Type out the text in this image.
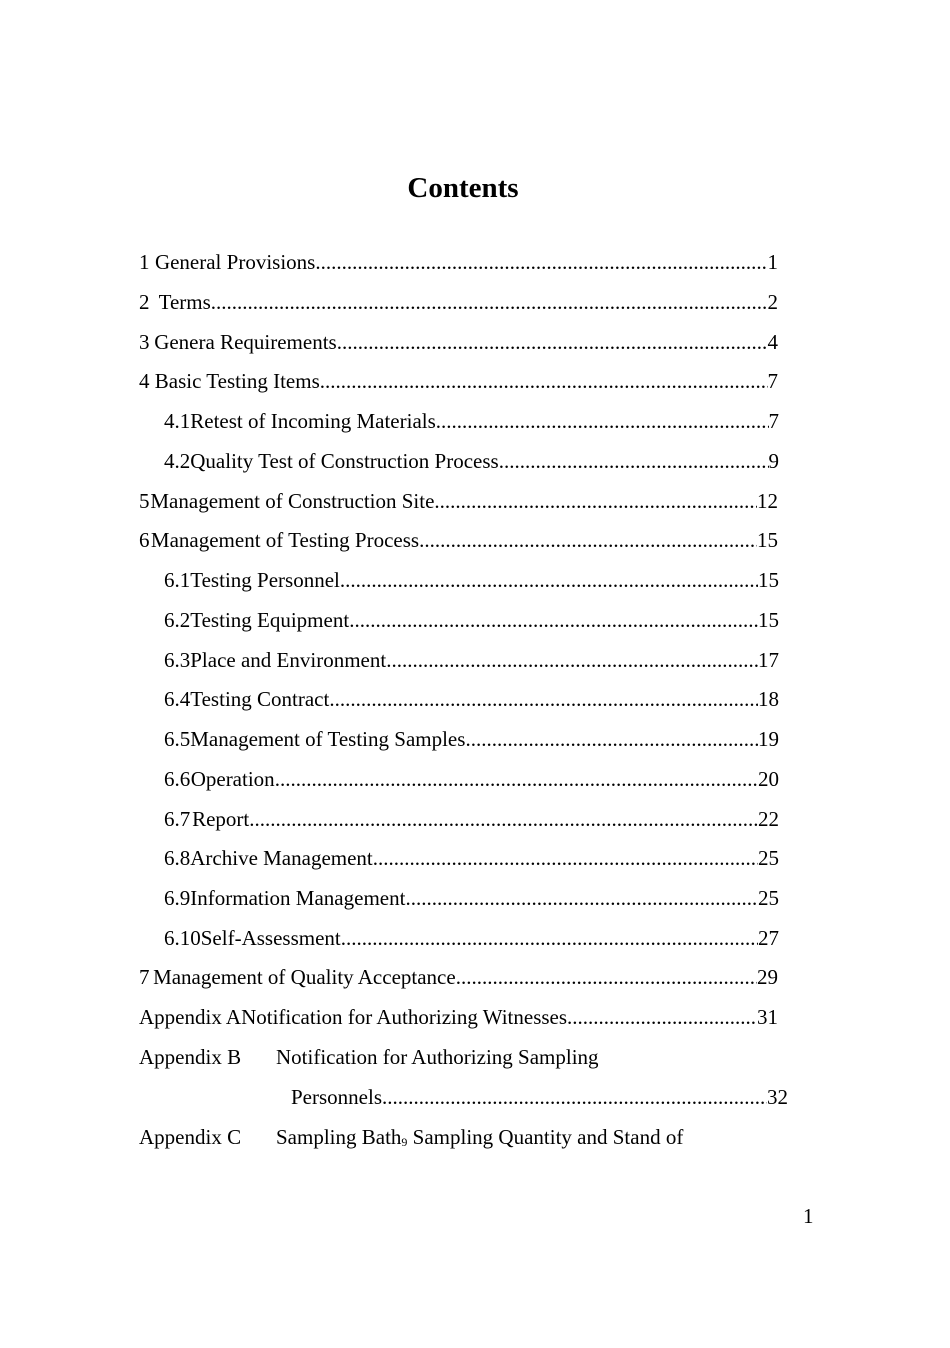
Contents
1 General Provisions .....	1
2 Terms .....	2
3 Genera Requirements .....	4
4 Basic Testing Items .....	7
4.1 Retest of Incoming Materials .....	7
4.2 Quality Test of Construction Process .....	9
5 Management of Construction Site .....	12
6 Management of Testing Process .....	15
6.1 Testing Personnel .....	15
6.2 Testing Equipment .....	15
6.3 Place and Environment .....	17
6.4 Testing Contract .....	18
6.5 Management of Testing Samples .....	19
6.6 Operation .....	20
6.7 Report .....	22
6.8 Archive Management .....	25
6.9 Information Management .....	25
6.10 Self-Assessment .....	27
7 Management of Quality Acceptance .....	29
Appendix A Notification for Authorizing Witnesses .....	31
Appendix B Notification for Authorizing Sampling
Personnels .....	32
Appendix C Sampling Bath9 Sampling Quantity and Stand of
1
